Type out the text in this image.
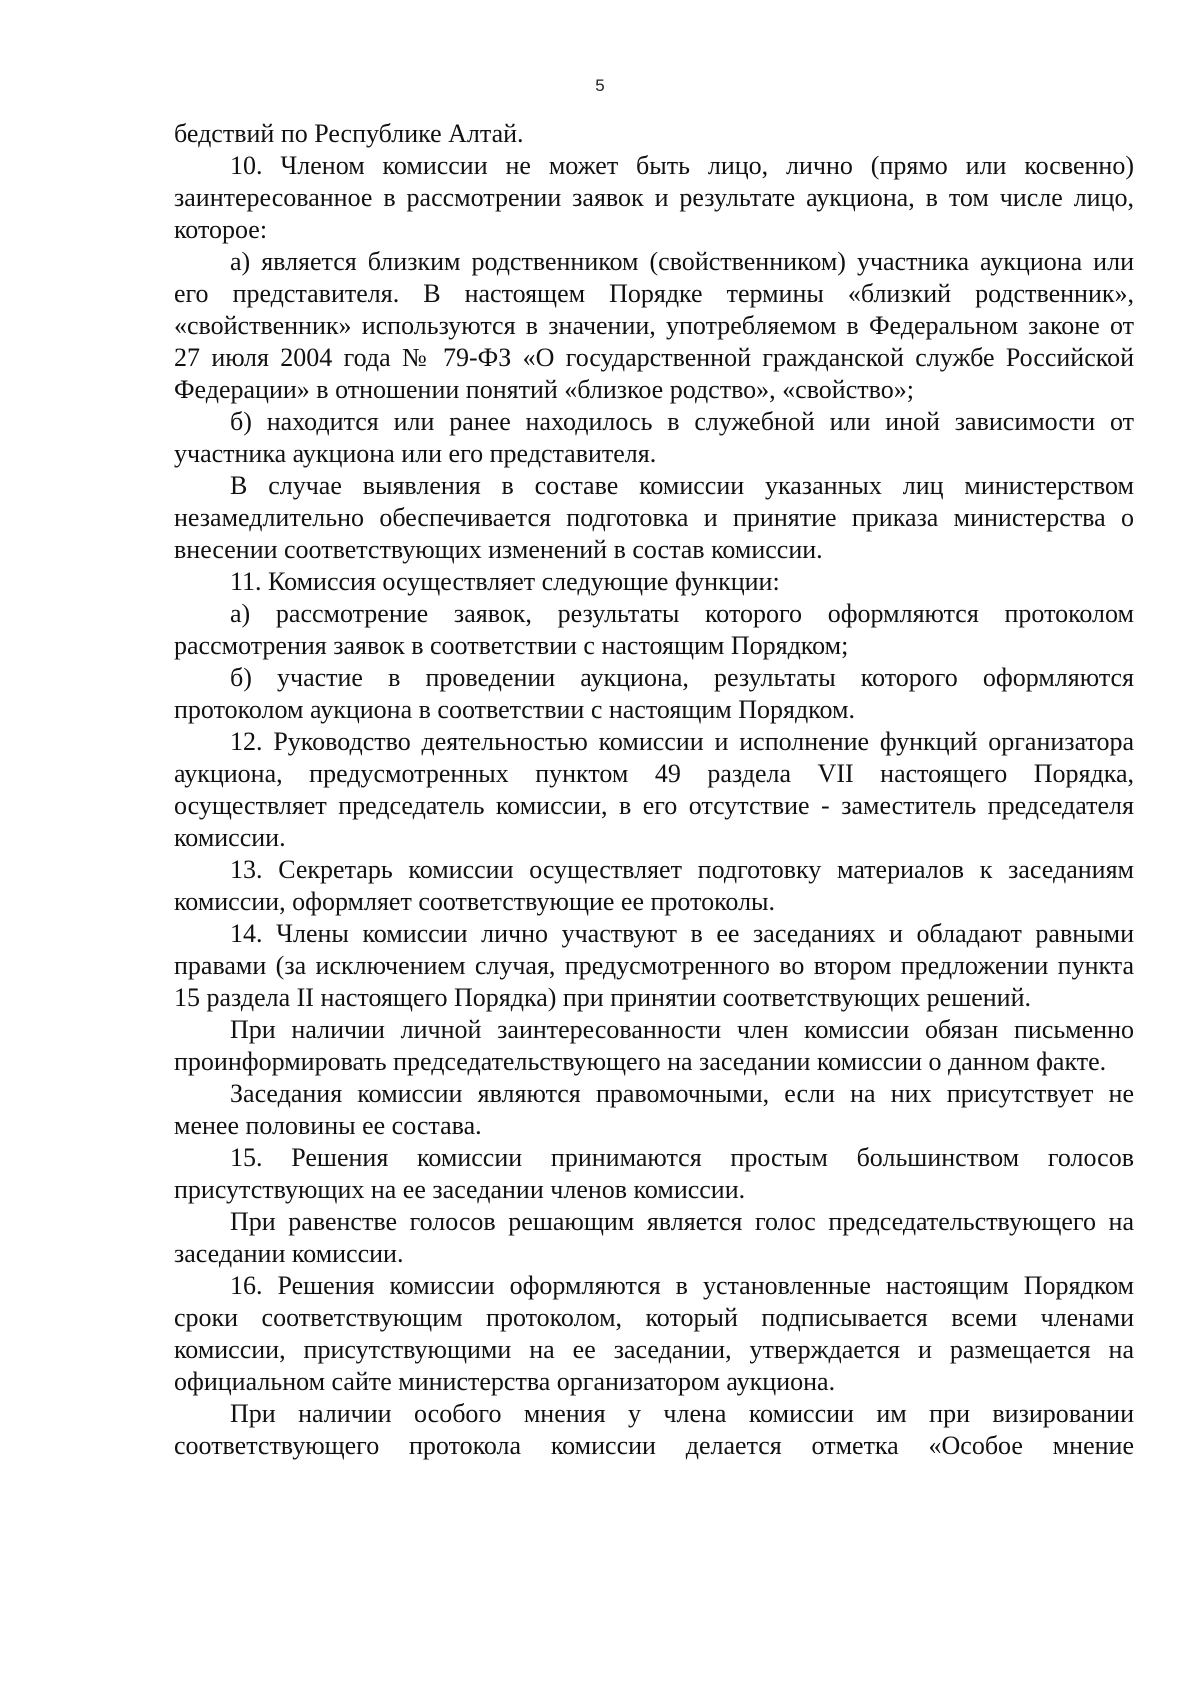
5

бедствий по Республике Алтай.

10. Членом комиссии не может быть лицо, лично (прямо или косвенно) заинтересованное в рассмотрении заявок и результате аукциона, в том числе лицо, которое:

а) является близким родственником (свойственником) участника аукциона или его представителя. В настоящем Порядке термины «близкий родственник», «свойственник» используются в значении, употребляемом в Федеральном законе от 27 июля 2004 года № 79-ФЗ «О государственной гражданской службе Российской Федерации» в отношении понятий «близкое родство», «свойство»;

б) находится или ранее находилось в служебной или иной зависимости от участника аукциона или его представителя.

В случае выявления в составе комиссии указанных лиц министерством незамедлительно обеспечивается подготовка и принятие приказа министерства о внесении соответствующих изменений в состав комиссии.

11. Комиссия осуществляет следующие функции:

а) рассмотрение заявок, результаты которого оформляются протоколом рассмотрения заявок в соответствии с настоящим Порядком;

б) участие в проведении аукциона, результаты которого оформляются протоколом аукциона в соответствии с настоящим Порядком.

12. Руководство деятельностью комиссии и исполнение функций организатора аукциона, предусмотренных пунктом 49 раздела VII настоящего Порядка, осуществляет председатель комиссии, в его отсутствие - заместитель председателя комиссии.

13. Секретарь комиссии осуществляет подготовку материалов к заседаниям комиссии, оформляет соответствующие ее протоколы.

14. Члены комиссии лично участвуют в ее заседаниях и обладают равными правами (за исключением случая, предусмотренного во втором предложении пункта 15 раздела II настоящего Порядка) при принятии соответствующих решений.

При наличии личной заинтересованности член комиссии обязан письменно проинформировать председательствующего на заседании комиссии о данном факте.

Заседания комиссии являются правомочными, если на них присутствует не менее половины ее состава.

15. Решения комиссии принимаются простым большинством голосов присутствующих на ее заседании членов комиссии.

При равенстве голосов решающим является голос председательствующего на заседании комиссии.

16. Решения комиссии оформляются в установленные настоящим Порядком сроки соответствующим протоколом, который подписывается всеми членами комиссии, присутствующими на ее заседании, утверждается и размещается на официальном сайте министерства организатором аукциона.

При наличии особого мнения у члена комиссии им при визировании соответствующего протокола комиссии делается отметка «Особое мнение
